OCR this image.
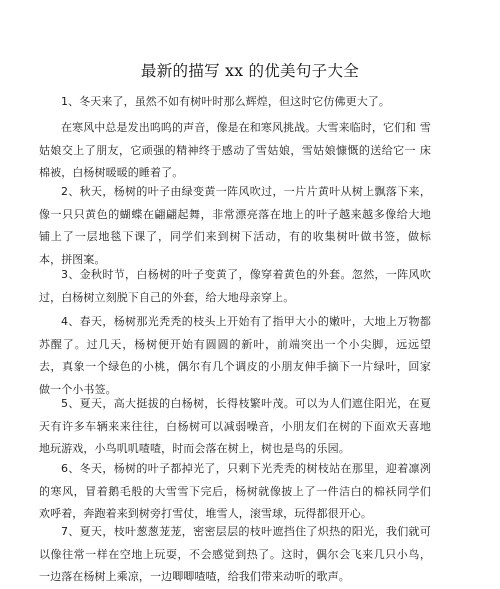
最新的描写 xx 的优美句子大全

1、冬天来了，虽然不如有树叶时那么辉煌，但这时它仿佛更大了。

在寒风中总是发出呜呜的声音，像是在和寒风挑战。大雪来临时，它们和 雪姑娘交上了朋友，它顽强的精神终于感动了雪姑娘，雪姑娘慷慨的送给它一 床棉被，白杨树暖暖的睡着了。

2、秋天，杨树的叶子由绿变黄一阵风吹过，一片片黄叶从树上飘落下来，像一只只黄色的蝴蝶在翩翩起舞，非常漂亮落在地上的叶子越来越多像给大地 铺上了一层地毯下课了，同学们来到树下活动，有的收集树叶做书签，做标 本，拼图案。

3、金秋时节，白杨树的叶子变黄了，像穿着黄色的外套。忽然，一阵风吹过，白杨树立刻脱下自己的外套，给大地母亲穿上。

4、春天，杨树那光秃秃的枝头上开始有了指甲大小的嫩叶，大地上万物都苏醒了。过几天，杨树便开始有圆圆的新叶，前端突出一个小尖脚，远远望 去，真象一个绿色的小桃，偶尔有几个调皮的小朋友伸手摘下一片绿叶，回家 做一个小书签。

5、夏天，高大挺拔的白杨树，长得枝繁叶茂。可以为人们遮住阳光，在夏天有许多车辆来来往往，白杨树可以减弱噪音，小朋友们在树的下面欢天喜地 地玩游戏，小鸟叽叽喳喳，时而会落在树上，树也是鸟的乐园。

6、冬天，杨树的叶子都掉光了，只剩下光秃秃的树枝站在那里，迎着凛冽的寒风，冒着鹅毛般的大雪雪下完后，杨树就像披上了一件洁白的棉袄同学们 欢呼着，奔跑着来到树旁打雪仗，堆雪人，滚雪球，玩得都很开心。

7、夏天，枝叶葱葱茏茏，密密层层的枝叶遮挡住了炽热的阳光，我们就可以像往常一样在空地上玩耍，不会感觉到热了。这时，偶尔会飞来几只小鸟， 一边落在杨树上乘凉，一边唧唧喳喳，给我们带来动听的歌声。
